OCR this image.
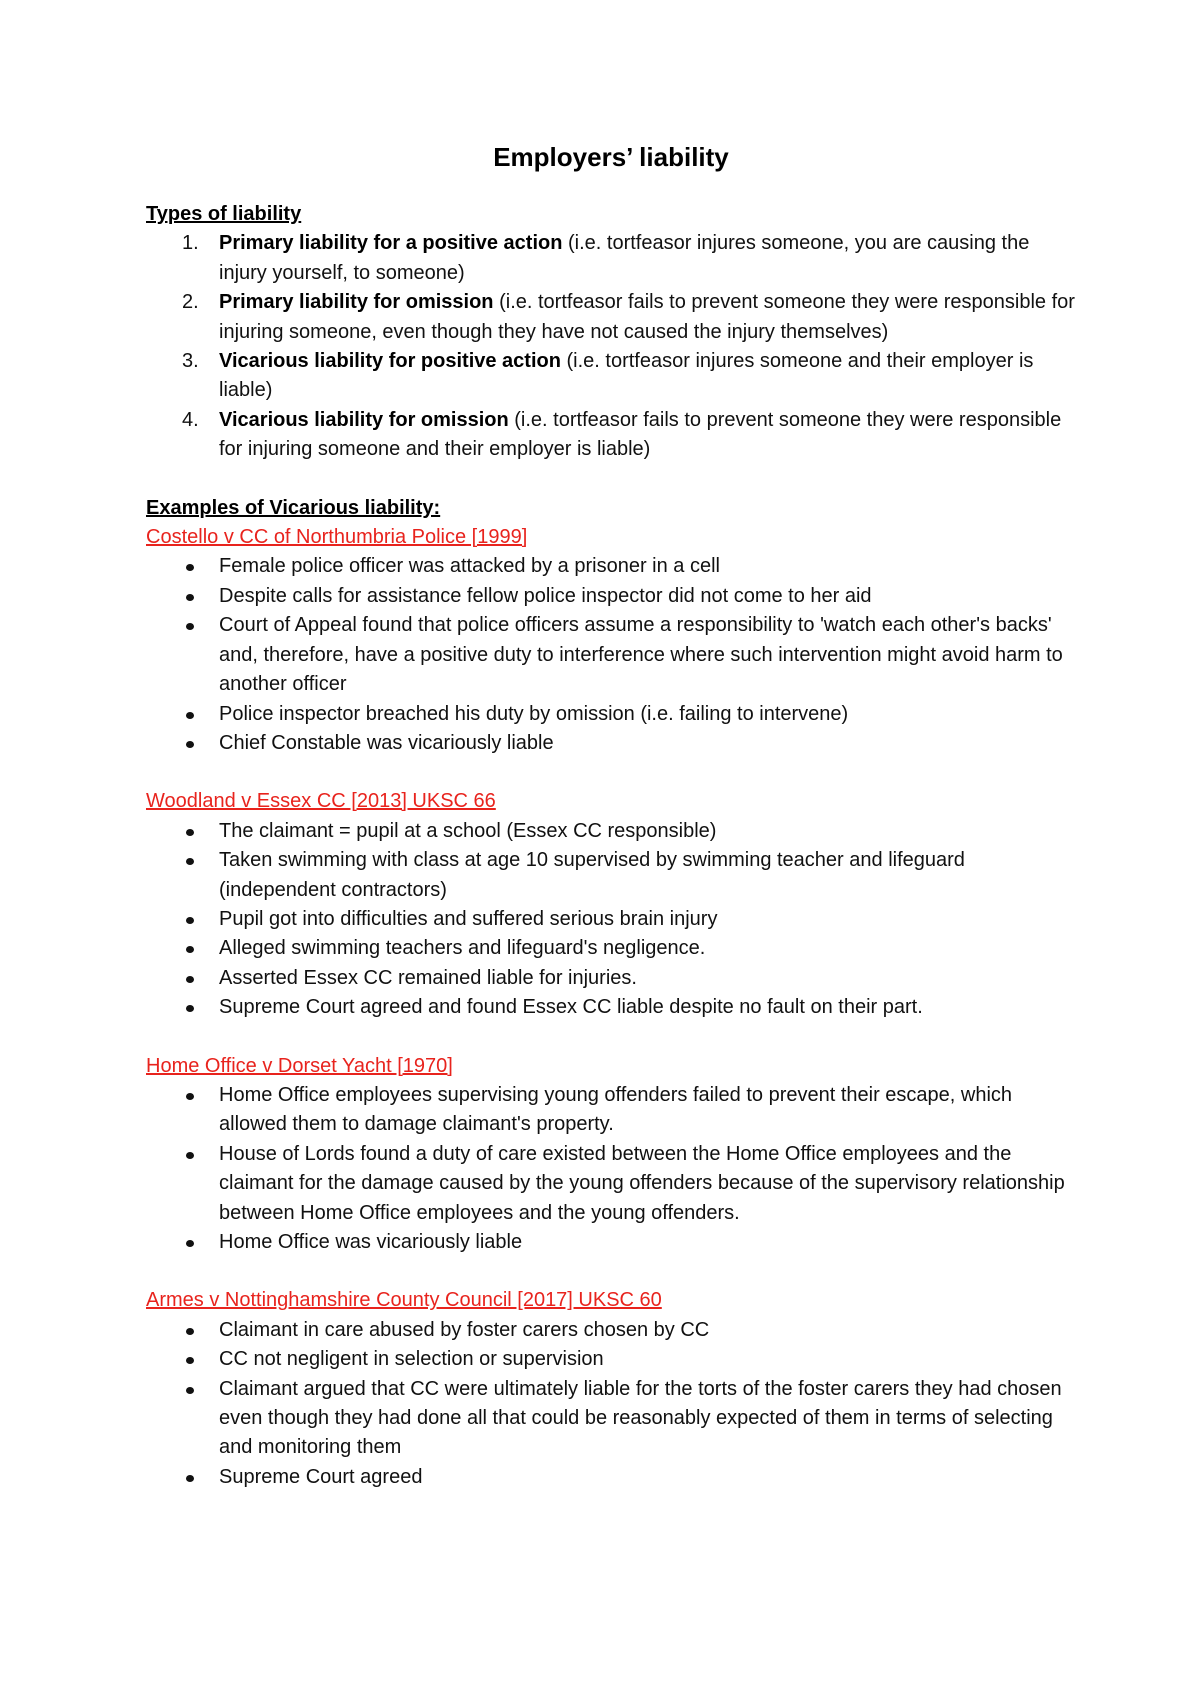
Employers’ liability

Types of liability

1. Primary liability for a positive action (i.e. tortfeasor injures someone, you are causing the injury yourself, to someone)
2. Primary liability for omission (i.e. tortfeasor fails to prevent someone they were responsible for injuring someone, even though they have not caused the injury themselves)
3. Vicarious liability for positive action (i.e. tortfeasor injures someone and their employer is liable)
4. Vicarious liability for omission (i.e. tortfeasor fails to prevent someone they were responsible for injuring someone and their employer is liable)

Examples of Vicarious liability:

Costello v CC of Northumbria Police [1999]

Female police officer was attacked by a prisoner in a cell
Despite calls for assistance fellow police inspector did not come to her aid
Court of Appeal found that police officers assume a responsibility to 'watch each other's backs' and, therefore, have a positive duty to interference where such intervention might avoid harm to another officer
Police inspector breached his duty by omission (i.e. failing to intervene)
Chief Constable was vicariously liable

Woodland v Essex CC [2013] UKSC 66

The claimant = pupil at a school (Essex CC responsible)
Taken swimming with class at age 10 supervised by swimming teacher and lifeguard (independent contractors)
Pupil got into difficulties and suffered serious brain injury
Alleged swimming teachers and lifeguard's negligence.
Asserted Essex CC remained liable for injuries.
Supreme Court agreed and found Essex CC liable despite no fault on their part.

Home Office v Dorset Yacht [1970]

Home Office employees supervising young offenders failed to prevent their escape, which allowed them to damage claimant's property.
House of Lords found a duty of care existed between the Home Office employees and the claimant for the damage caused by the young offenders because of the supervisory relationship between Home Office employees and the young offenders.
Home Office was vicariously liable

Armes v Nottinghamshire County Council [2017] UKSC 60

Claimant in care abused by foster carers chosen by CC
CC not negligent in selection or supervision
Claimant argued that CC were ultimately liable for the torts of the foster carers they had chosen even though they had done all that could be reasonably expected of them in terms of selecting and monitoring them
Supreme Court agreed
